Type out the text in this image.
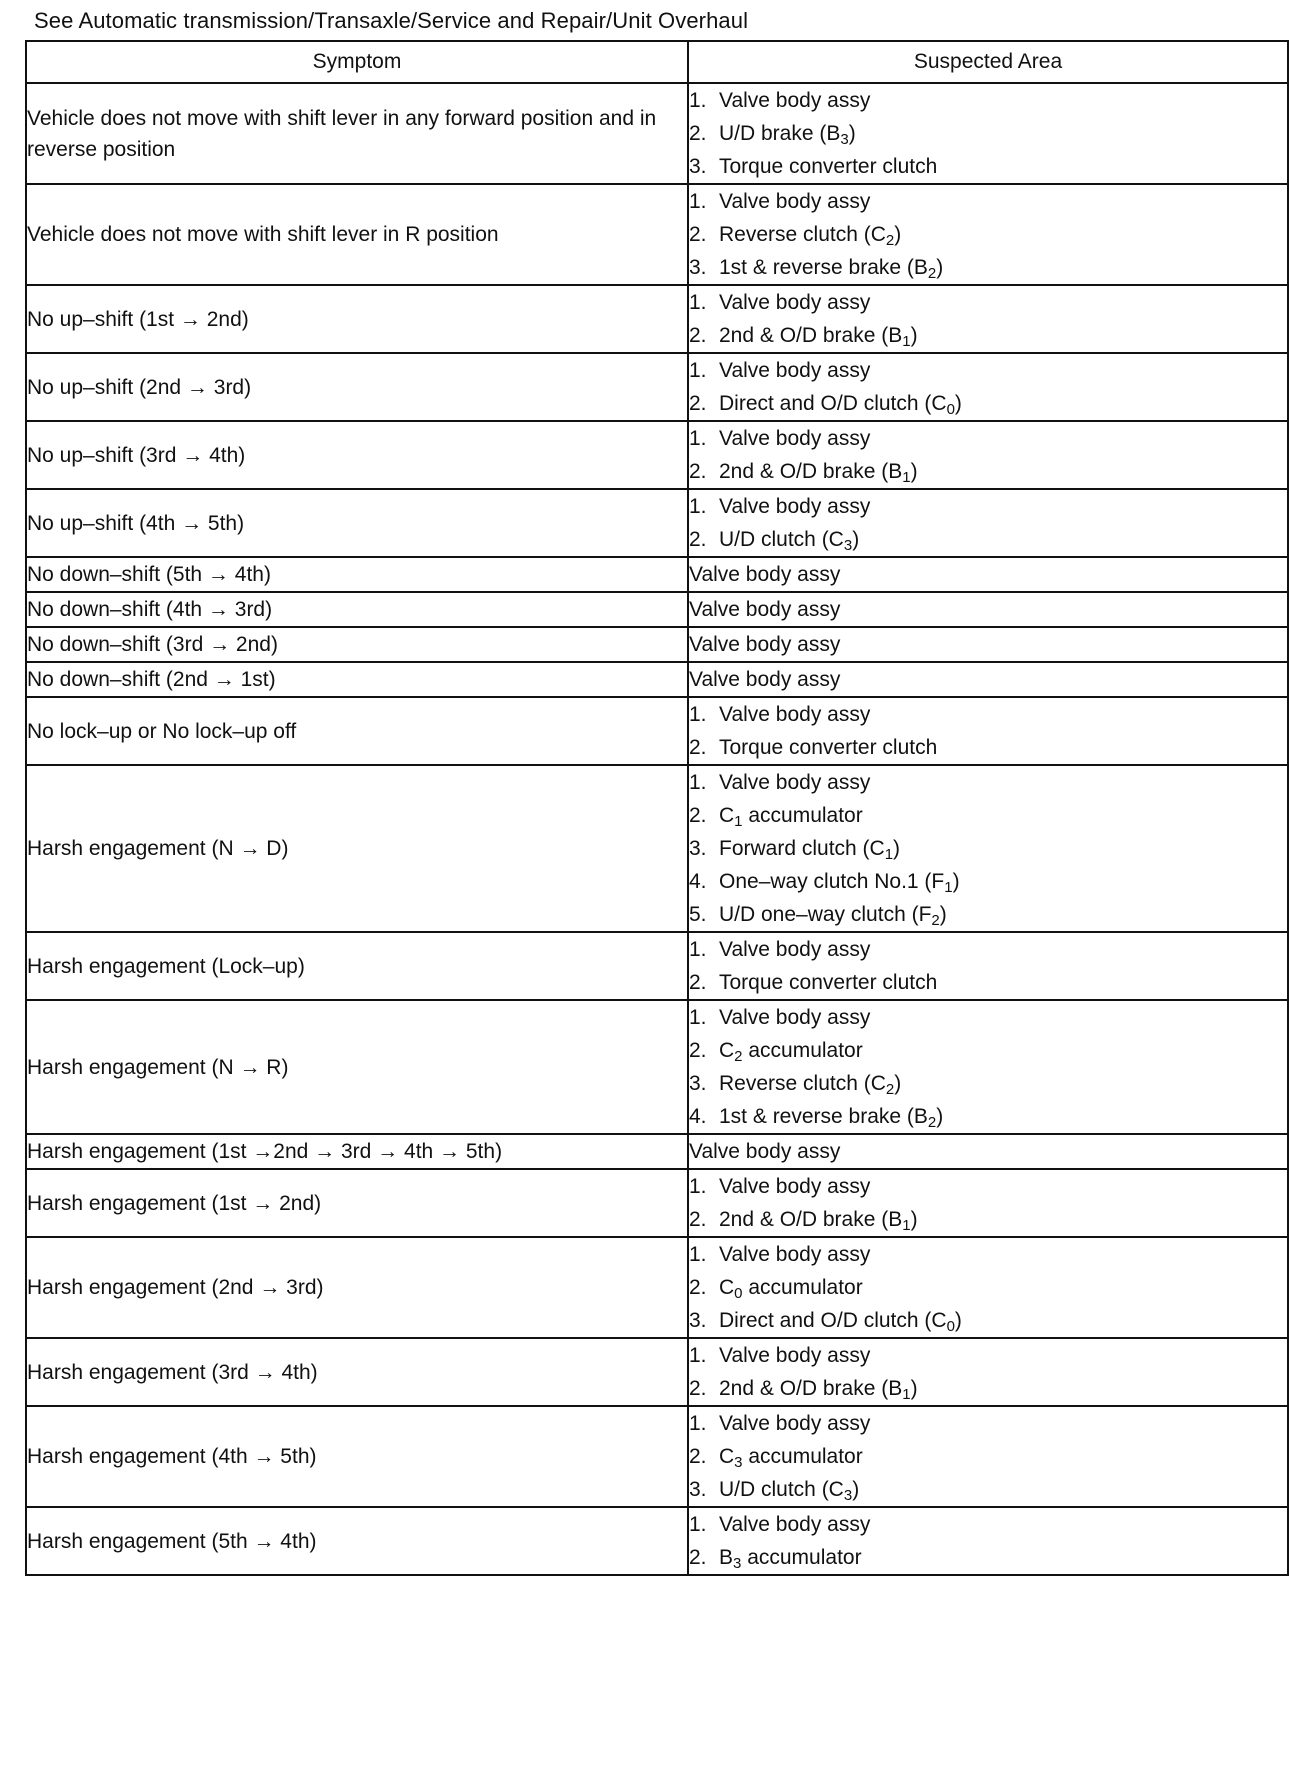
See Automatic transmission/Transaxle/Service and Repair/Unit Overhaul
Symptom	Suspected Area
Vehicle does not move with shift lever in any forward position and in reverse position	1. Valve body assy
2. U/D brake $(B_3)$
3. Torque converter clutch

Vehicle does not move with shift lever in R position	1. Valve body assy
2. Reverse clutch $(C_2)$
3. 1st & reverse brake $(B_2)$

No up–shift (1st → 2nd)	1. Valve body assy
2. 2nd & O/D brake $(B_1)$

No up–shift (2nd → 3rd)	1. Valve body assy
2. Direct and O/D clutch $(C_0)$

No up–shift (3rd → 4th)	1. Valve body assy
2. 2nd & O/D brake $(B_1)$

No up–shift (4th → 5th)	1. Valve body assy
2. U/D clutch $(C_3)$

No down–shift (5th → 4th)	Valve body assy
No down–shift (4th → 3rd)	Valve body assy
No down–shift (3rd → 2nd)	Valve body assy
No down–shift (2nd → 1st)	Valve body assy
No lock–up or No lock–up off	1. Valve body assy
2. Torque converter clutch

Harsh engagement (N → D)	1. Valve body assy
2. $C_1$ accumulator
3. Forward clutch $(C_1)$
4. One–way clutch No.1 $(F_1)$
5. U/D one–way clutch $(F_2)$

Harsh engagement (Lock–up)	1. Valve body assy
2. Torque converter clutch

Harsh engagement (N → R)	1. Valve body assy
2. $C_2$ accumulator
3. Reverse clutch $(C_2)$
4. 1st & reverse brake $(B_2)$

Harsh engagement (1st →2nd → 3rd → 4th → 5th)	Valve body assy
Harsh engagement (1st → 2nd)	1. Valve body assy
2. 2nd & O/D brake $(B_1)$

Harsh engagement (2nd → 3rd)	1. Valve body assy
2. $C_0$ accumulator
3. Direct and O/D clutch $(C_0)$

Harsh engagement (3rd → 4th)	1. Valve body assy
2. 2nd & O/D brake $(B_1)$

Harsh engagement (4th → 5th)	1. Valve body assy
2. $C_3$ accumulator
3. U/D clutch $(C_3)$

Harsh engagement (5th → 4th)	1. Valve body assy
2. $B_3$ accumulator
